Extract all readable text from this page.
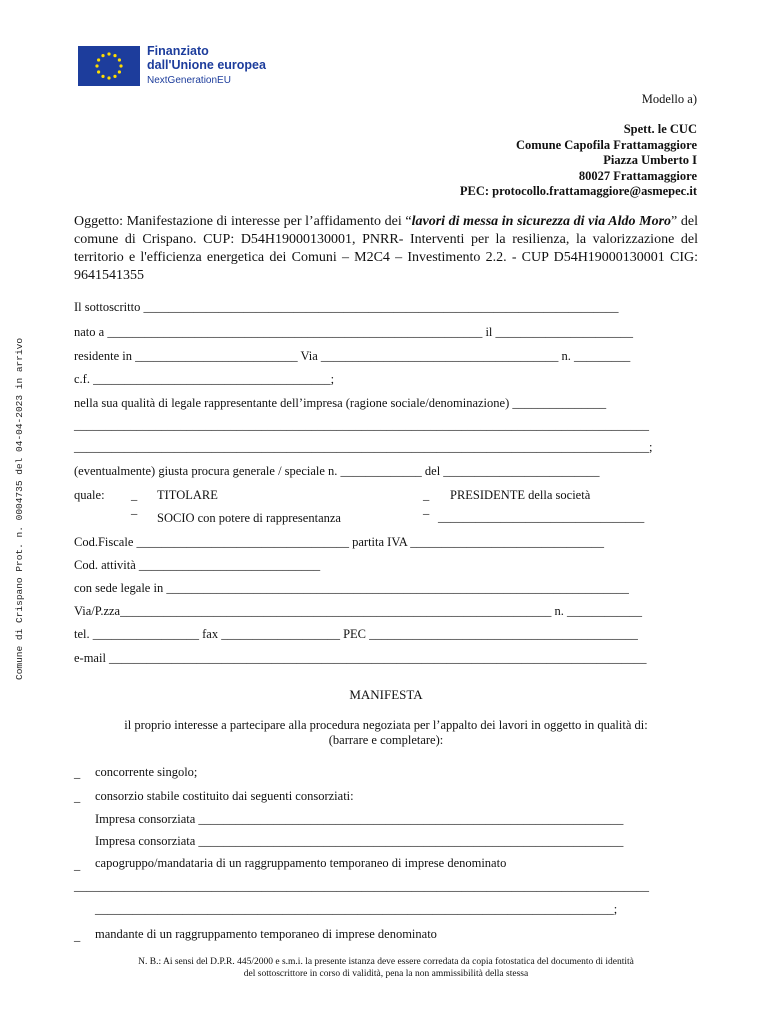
Finanziato
dall'Unione europea
NextGenerationEU
Comune di Crispano Prot. n. 0004735 del 04-04-2023 in arrivo
Modello a)
Spett. le CUC
Comune Capofila Frattamaggiore
Piazza Umberto I
80027 Frattamaggiore
PEC: protocollo.frattamaggiore@asmepec.it
Oggetto: Manifestazione di interesse per l’affidamento dei “lavori di messa in sicurezza di via Aldo Moro” del comune di Crispano. CUP: D54H19000130001, PNRR- Interventi per la resilienza, la valorizzazione del territorio e l'efficienza energetica dei Comuni – M2C4 – Investimento 2.2. - CUP D54H19000130001 CIG: 9641541355
Il sottoscritto ____________________________________________________________________________
nato a ____________________________________________________________ il ______________________
residente in __________________________ Via ______________________________________ n. _________
c.f. ______________________________________;
nella sua qualità di legale rappresentante dell’impresa (ragione sociale/denominazione) _______________
____________________________________________________________________________________________
____________________________________________________________________________________________;
(eventualmente) giusta procura generale / speciale n. _____________ del _________________________
quale: _ TITOLARE
_
SOCIO con potere di rappresentanza
_ PRESIDENTE della società
_
_________________________________
Cod.Fiscale __________________________________ partita IVA _______________________________
Cod. attività _____________________________
con sede legale in __________________________________________________________________________
Via/P.zza_____________________________________________________________________ n. ____________
tel. _________________ fax ___________________ PEC ___________________________________________
e-mail ______________________________________________________________________________________
MANIFESTA
il proprio interesse a partecipare alla procedura negoziata per l’appalto dei lavori in oggetto in qualità di:
(barrare e completare):
_ concorrente singolo;
_ consorzio stabile costituito dai seguenti consorziati:
Impresa consorziata ____________________________________________________________________
Impresa consorziata ____________________________________________________________________
_ capogruppo/mandataria di un raggruppamento temporaneo di imprese denominato
____________________________________________________________________________________________
___________________________________________________________________________________;
_ mandante di un raggruppamento temporaneo di imprese denominato
N. B.: Ai sensi del D.P.R. 445/2000 e s.m.i. la presente istanza deve essere corredata da copia fotostatica del documento di identità
del sottoscrittore in corso di validità, pena la non ammissibilità della stessa
